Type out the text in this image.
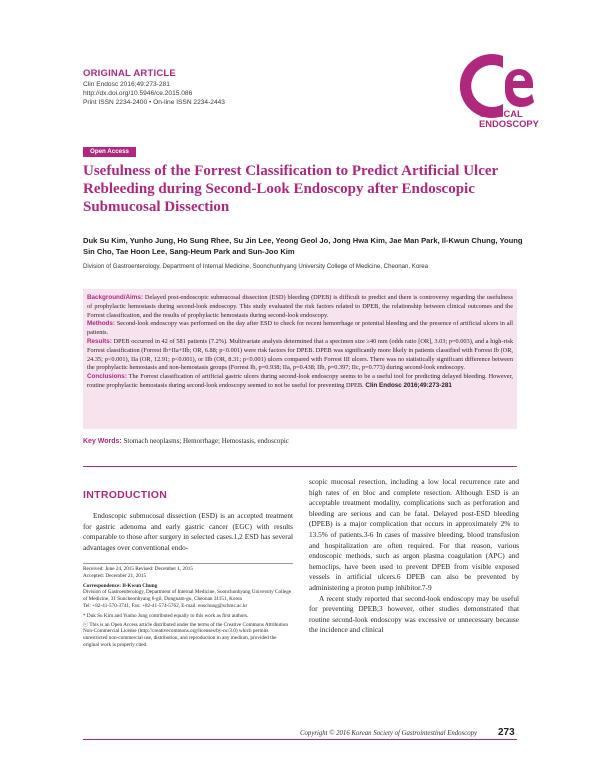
ORIGINAL ARTICLE
Clin Endosc 2016;49:273-281
http://dx.doi.org/10.5946/ce.2015.086
Print ISSN 2234-2400 • On-line ISSN 2234-2443
CLINICAL
ENDOSCOPY
Open Access
Usefulness of the Forrest Classification to Predict Artificial Ulcer Rebleeding during Second-Look Endoscopy after Endoscopic Submucosal Dissection
Duk Su Kim, Yunho Jung, Ho Sung Rhee, Su Jin Lee, Yeong Geol Jo, Jong Hwa Kim, Jae Man Park, Il-Kwun Chung, Young Sin Cho, Tae Hoon Lee, Sang-Heum Park and Sun-Joo Kim
Division of Gastroenterology, Department of Internal Medicine, Soonchunhyang University College of Medicine, Cheonan, Korea

Background/Aims: Delayed post-endoscopic submucosal dissection (ESD) bleeding (DPEB) is difficult to predict and there is controversy regarding the usefulness of prophylactic hemostasis during second-look endoscopy. This study evaluated the risk factors related to DPEB, the relationship between clinical outcomes and the Forrest classification, and the results of prophylactic hemostasis during second-look endoscopy.

Methods: Second-look endoscopy was performed on the day after ESD to check for recent hemorrhage or potential bleeding and the presence of artificial ulcers in all patients.

Results: DPEB occurred in 42 of 581 patients (7.2%). Multivariate analysis determined that a specimen size ≥40 mm (odds ratio [OR], 3.03; p=0.003), and a high-risk Forrest classification (Forrest Ib+IIa+IIb; OR, 6.88; p<0.001) were risk factors for DPEB. DPEB was significantly more likely in patients classified with Forrest Ib (OR, 24.35; p<0.001), IIa (OR, 12.91; p<0.001), or IIb (OR, 8.31; p<0.001) ulcers compared with Forrest III ulcers. There was no statistically significant difference between the prophylactic hemostasis and non-hemostasis groups (Forrest Ib, p=0.938; IIa, p=0.438; IIb, p=0.397; IIc, p=0.773) during second-look endoscopy.

Conclusions: The Forrest classification of artificial gastric ulcers during second-look endoscopy seems to be a useful tool for predicting delayed bleeding. However, routine prophylactic hemostasis during second-look endoscopy seemed to not be useful for preventing DPEB. Clin Endosc 2016;49:273-281

Key Words: Stomach neoplasms; Hemorrhage; Hemostasis, endoscopic
INTRODUCTION

Endoscopic submucosal dissection (ESD) is an accepted treatment for gastric adenoma and early gastric cancer (EGC) with results comparable to those after surgery in selected cases.1,2 ESD has several advantages over conventional endo-

Received: June 24, 2015 Revised: December 1, 2015

Accepted: December 21, 2015

Correspondence: Il-Kwun Chung

Division of Gastroenterology, Department of Internal Medicine, Soonchunhyang University College of Medicine, 31 Suncheonhyang 6-gil, Dongnam-gu, Cheonan 31151, Korea

Tel: +82-41-570-3741, Fax: +82-41-574-5762, E-mail: euschung@schmc.ac.kr

* Duk Su Kim and Yunho Jung contributed equally to this work as first authors.

ⓒ This is an Open Access article distributed under the terms of the Creative Commons Attribution Non-Commercial License (http://creativecommons.org/licenses/by-nc/3.0) which permits unrestricted non-commercial use, distribution, and reproduction in any medium, provided the original work is properly cited.

scopic mucosal resection, including a low local recurrence rate and high rates of en bloc and complete resection. Although ESD is an acceptable treatment modality, complications such as perforation and bleeding are serious and can be fatal. Delayed post-ESD bleeding (DPEB) is a major complication that occurs in approximately 2% to 13.5% of patients.3-6 In cases of massive bleeding, blood transfusion and hospitalization are often required. For that reason, various endoscopic methods, such as argon plasma coagulation (APC) and hemoclips, have been used to prevent DPEB from visible exposed vessels in artificial ulcers.6 DPEB can also be prevented by administering a proton pump inhibitor.7-9

A recent study reported that second-look endoscopy may be useful for preventing DPEB;3 however, other studies demonstrated that routine second-look endoscopy was excessive or unnecessary because the incidence and clinical

Copyright © 2016 Korean Society of Gastrointestinal Endoscopy 273
